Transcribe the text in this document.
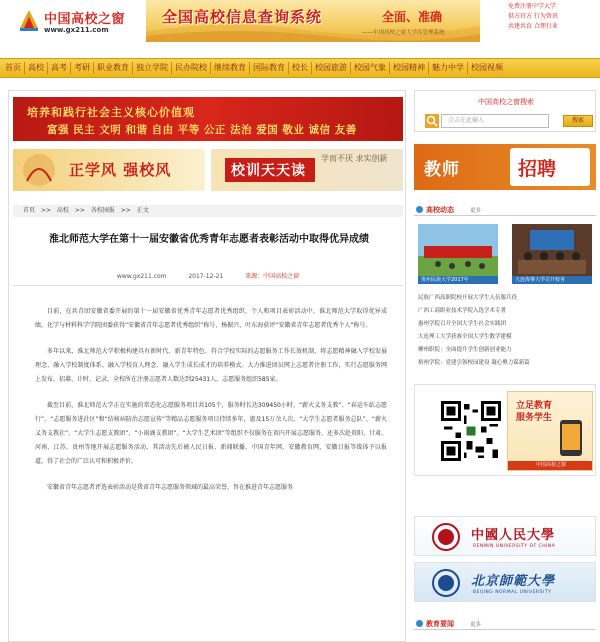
中国高校之窗
www.gx211.com
全国高校信息查询系统	全面、准确
——中国高校之窗大学库管理系统
免费注册中学大学
供方官方 行为资讯
共建共育 合理行业
首页 高校 高考 考研 职业教育 独立学院 民办院校 继续教育 国际教育 校长 校园旅游 校园气象 校园精神 魅力中学 校园视频
培养和践行社会主义核心价值观
富强 民主 文明 和谐 自由 平等 公正 法治 爱国 敬业 诚信 友善
正学风 强校风	校训天天读
学而不厌 求实创新
首页 >> 高校 >> 各校园报 >> 正文
淮北师范大学在第十一届安徽省优秀青年志愿者表彰活动中取得优异成绩
www.gx211.com	2017-12-21	来源：中国高校之窗

目前，在共青团安徽省委开展的第十一届安徽省优秀青年志愿者优秀组织、个人和项目表彰活动中，淮北师范大学取得优异成绩。化学与材料科学学院团委获得“安徽省青年志愿者优秀组织”称号，杨振兴、叶东海获评“安徽省青年志愿者优秀个人”称号。

多年以来，淮北师范大学积极构建具有新时代、新青年特色、符合学校实际的志愿服务工作长效机制，将志愿精神融入学校发展理念、融入学校制度体系、融入学校育人理念、融入学生成长成才的培养模式。大力推进团员网上志愿者注册工作，实行志愿服务网上发布、招募、计时、记录，全校所在注册志愿者人数达到25431人，志愿服务组织585家。

截至目前，淮北师范大学正在实施的常态化志愿服务项目共105个，服务时长达309450小时，“薪火义务支教”、“春运车站志愿行”、“志愿服务进社区”和“结核病防治志愿宣传”等精品志愿服务项目持续多年，惠及15万余人次。“大学生志愿者服务总队”、“薪火义务支教社”、“大学生志愿支教团”、“小雨滴支教团”、“大学生艺术团”等组织不仅服务在省内开展志愿服务，还多次赴贵阳、甘肃、河南、江苏、贵州等地开展志愿服务活动，其活动先后被人民日报、新闻联播、中国青年网、安徽教育网、安徽日报等媒体予以报道，得了社会的广泛认可和积极评价。

安徽省青年志愿者评选表彰活动是我省青年志愿服务领域的最高荣誉，旨在推进青年志愿服务

中国高校之窗搜索
点击在此输入	搜索
教师	招聘
高校动态	更多
贵州民族大学2017年	大连海事大学召开校务
民族广西高职院校开展大学生入伍服兵役
广西工商职业技术学院入选学术专著
惠州学院召开全国大学生社会实践团
大连理工大学获赛全国大学生数学建模
柳州职院：全面提升学生创新创业能力
梧州学院：党建引领校园建设 凝心聚力谋新篇
立足教育
服务学生
中国高校之窗
中國人民大學
RENMIN UNIVERSITY OF CHINA
北京師範大學
BEIJING NORMAL UNIVERSITY
教育要闻	更多
